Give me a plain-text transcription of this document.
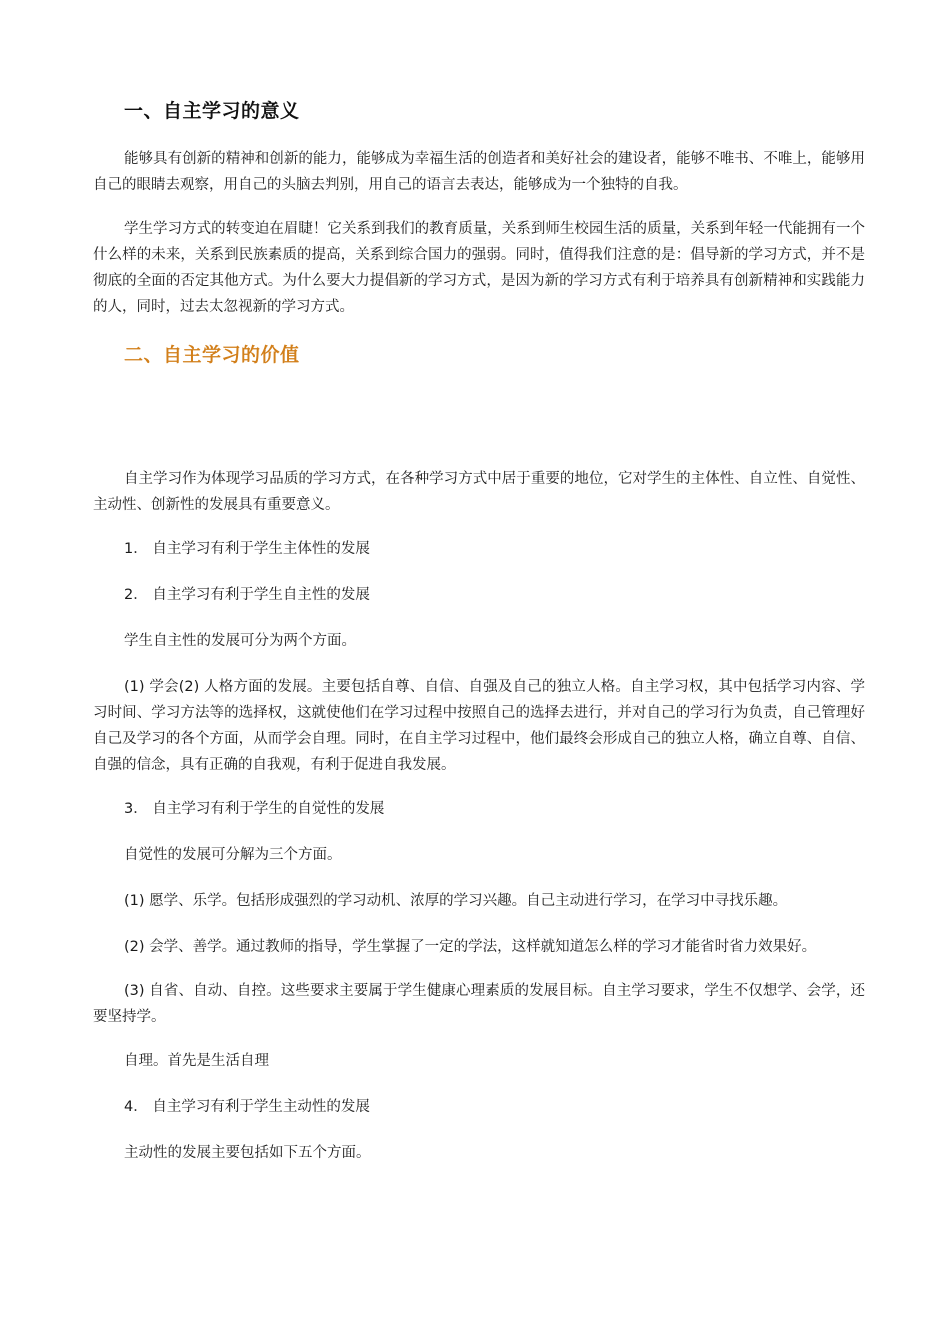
一、自主学习的意义

能够具有创新的精神和创新的能力，能够成为幸福生活的创造者和美好社会的建设者，能够不唯书、不唯上，能够用自己的眼睛去观察，用自己的头脑去判别，用自己的语言去表达，能够成为一个独特的自我。

学生学习方式的转变迫在眉睫！它关系到我们的教育质量，关系到师生校园生活的质量，关系到年轻一代能拥有一个什么样的未来，关系到民族素质的提高，关系到综合国力的强弱。同时，值得我们注意的是：倡导新的学习方式，并不是彻底的全面的否定其他方式。为什么要大力提倡新的学习方式，是因为新的学习方式有利于培养具有创新精神和实践能力的人，同时，过去太忽视新的学习方式。

二、自主学习的价值

自主学习作为体现学习品质的学习方式，在各种学习方式中居于重要的地位，它对学生的主体性、自立性、自觉性、主动性、创新性的发展具有重要意义。

1． 自主学习有利于学生主体性的发展

2． 自主学习有利于学生自主性的发展

学生自主性的发展可分为两个方面。

(1) 学会(2) 人格方面的发展。主要包括自尊、自信、自强及自己的独立人格。自主学习权，其中包括学习内容、学习时间、学习方法等的选择权，这就使他们在学习过程中按照自己的选择去进行，并对自己的学习行为负责，自己管理好自己及学习的各个方面，从而学会自理。同时，在自主学习过程中，他们最终会形成自己的独立人格，确立自尊、自信、自强的信念，具有正确的自我观，有利于促进自我发展。

3． 自主学习有利于学生的自觉性的发展

自觉性的发展可分解为三个方面。

(1) 愿学、乐学。包括形成强烈的学习动机、浓厚的学习兴趣。自己主动进行学习，在学习中寻找乐趣。

(2) 会学、善学。通过教师的指导，学生掌握了一定的学法，这样就知道怎么样的学习才能省时省力效果好。

(3) 自省、自动、自控。这些要求主要属于学生健康心理素质的发展目标。自主学习要求，学生不仅想学、会学，还要坚持学。

自理。首先是生活自理

4． 自主学习有利于学生主动性的发展

主动性的发展主要包括如下五个方面。
